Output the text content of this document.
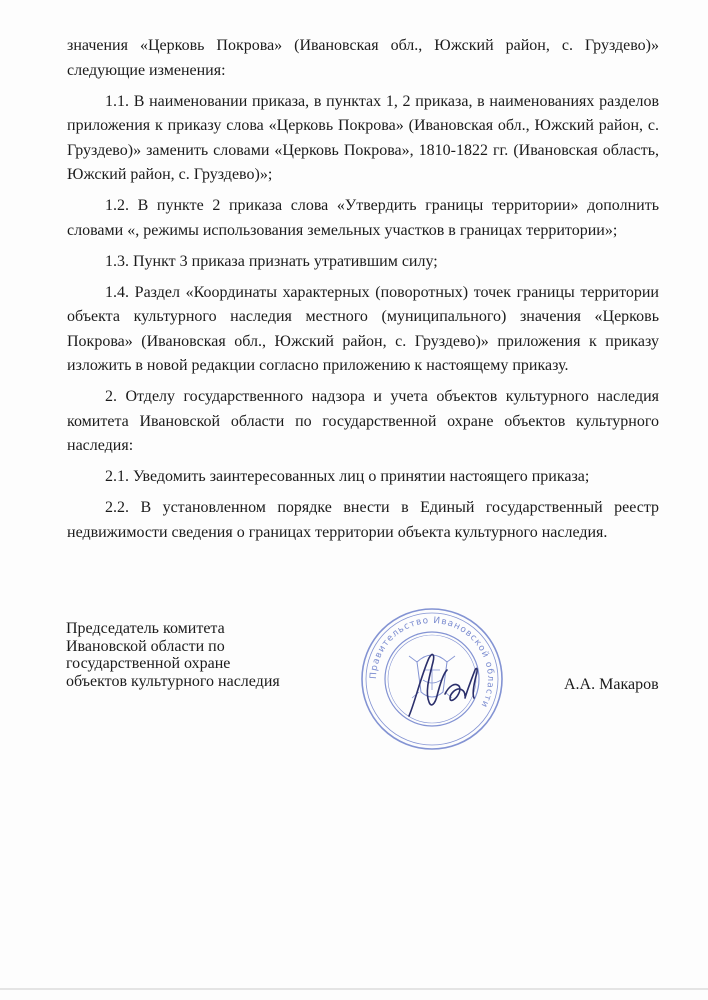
значения «Церковь Покрова» (Ивановская обл., Южский район, с. Груздево)» следующие изменения:

1.1. В наименовании приказа, в пунктах 1, 2 приказа, в наименованиях разделов приложения к приказу слова «Церковь Покрова» (Ивановская обл., Южский район, с. Груздево)» заменить словами «Церковь Покрова», 1810-1822 гг. (Ивановская область, Южский район, с. Груздево)»;

1.2. В пункте 2 приказа слова «Утвердить границы территории» дополнить словами «, режимы использования земельных участков в границах территории»;

1.3. Пункт 3 приказа признать утратившим силу;

1.4. Раздел «Координаты характерных (поворотных) точек границы территории объекта культурного наследия местного (муниципального) значения «Церковь Покрова» (Ивановская обл., Южский район, с. Груздево)» приложения к приказу изложить в новой редакции согласно приложению к настоящему приказу.

2. Отделу государственного надзора и учета объектов культурного наследия комитета Ивановской области по государственной охране объектов культурного наследия:

2.1. Уведомить заинтересованных лиц о принятии настоящего приказа;

2.2. В установленном порядке внести в Единый государственный реестр недвижимости сведения о границах территории объекта культурного наследия.

Председатель комитета
Ивановской области по
государственной охране
объектов культурного наследия	Правительство Ивановской области
А.А. Макаров
